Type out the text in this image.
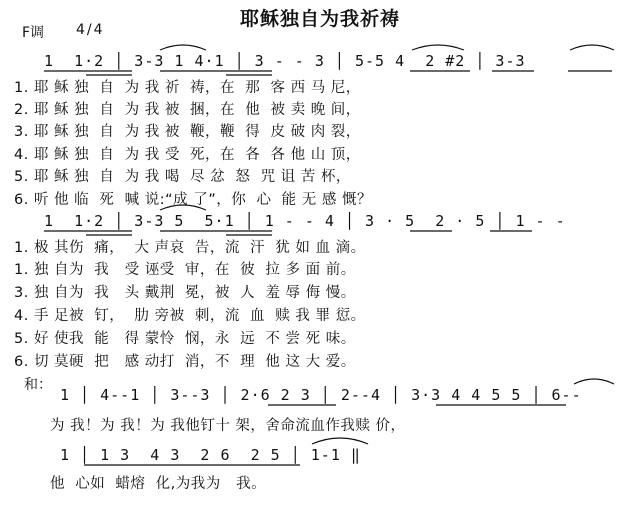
耶稣独自为我祈祷
F调 4/4
1  1·2 │ 3-3 1 4·1 │ 3 - - 3 │ 5-5 4  2 #2 │ 3-3
1. 耶 稣 独  自  为 我 祈  祷，在  那  客 西 马 尼，
2. 耶 稣 独  自  为 我 被  捆，在  他  被 卖 晚 间，
3. 耶 稣 独  自  为 我 被  鞭，鞭  得  皮 破 肉 裂，
4. 耶 稣 独  自  为 我 受  死，在  各  各 他 山 顶，
5. 耶 稣 独  自  为 我 喝  尽 忿  怒  咒 诅 苦 杯，
6. 听 他 临  死  喊 说:“成 了”，你  心  能 无 感 慨？
1  1·2 │ 3-3 5  5·1 │ 1 - - 4 │ 3 · 5  2 · 5 │ 1 - -
1. 极 其伤  痛，  大 声哀  告，流  汗  犹 如 血 滴。
1. 独 自为  我   受 诬受  审，在  彼  拉 多 面 前。
3. 独 自为  我   头 戴荆  冕，被  人  羞 辱 侮 慢。
4. 手 足被  钉，  肋 旁被  刺，流  血  赎 我 罪 愆。
5. 好 使我  能   得 蒙怜  悯，永  远  不 尝 死 味。
6. 切 莫硬  把   感 动打  消，不  理  他 这 大 爱。
和：
1 │ 4--1 │ 3--3 │ 2·6 2 3 │ 2--4 │ 3·3 4 4 5 5 │ 6--
为 我！为 我！为 我他钉十 架，舍命流血作我赎 价，
1 │ 1 3  4 3  2 6  2 5 │ 1-1 ‖
他  心如  蜡熔  化,为我为   我。
